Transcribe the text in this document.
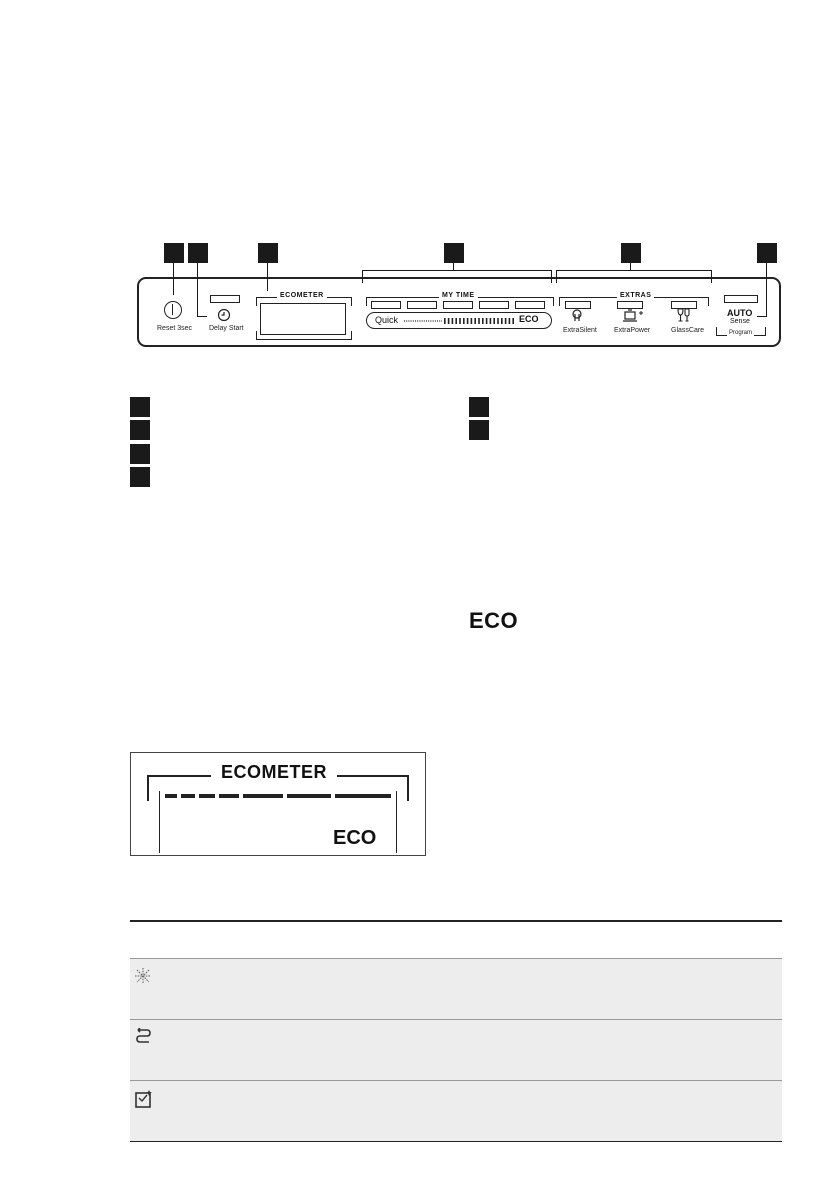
Reset 3sec Delay Start
ECOMETER	MY TIME
Quick	ECO
EXTRAS
ExtraSilent ExtraPower	GlassCare
AUTO
Sense
Program
ECO
ECOMETER
ECO
